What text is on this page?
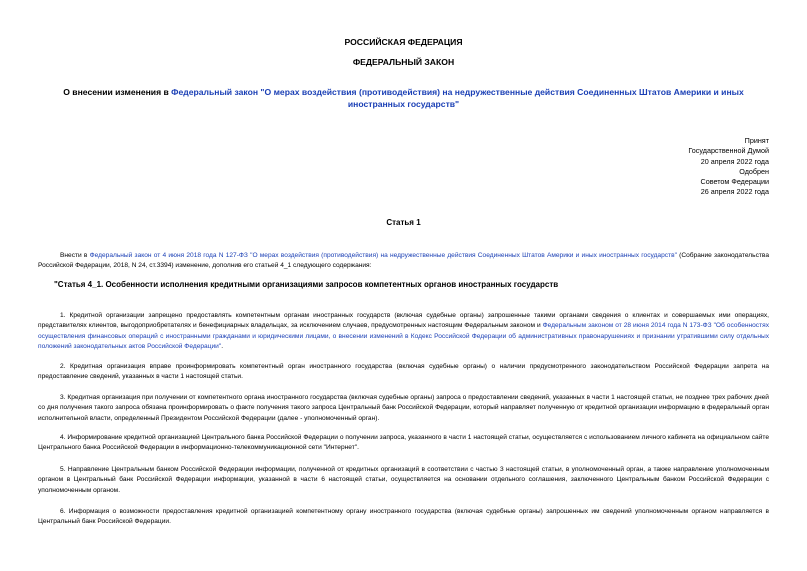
РОССИЙСКАЯ ФЕДЕРАЦИЯ
ФЕДЕРАЛЬНЫЙ ЗАКОН
О внесении изменения в Федеральный закон "О мерах воздействия (противодействия) на недружественные действия Соединенных Штатов Америки и иных иностранных государств"
Принят
Государственной Думой
20 апреля 2022 года
Одобрен
Советом Федерации
26 апреля 2022 года
Статья 1
Внести в Федеральный закон от 4 июня 2018 года N 127-ФЗ "О мерах воздействия (противодействия) на недружественные действия Соединенных Штатов Америки и иных иностранных государств" (Собрание законодательства Российской Федерации, 2018, N 24, ст.3394) изменение, дополнив его статьей 4_1 следующего содержания:
"Статья 4_1. Особенности исполнения кредитными организациями запросов компетентных органов иностранных государств
1. Кредитной организации запрещено предоставлять компетентным органам иностранных государств (включая судебные органы) запрошенные такими органами сведения о клиентах и совершаемых ими операциях, представителях клиентов, выгодоприобретателях и бенефициарных владельцах, за исключением случаев, предусмотренных настоящим Федеральным законом и Федеральным законом от 28 июня 2014 года N 173-ФЗ "Об особенностях осуществления финансовых операций с иностранными гражданами и юридическими лицами, о внесении изменений в Кодекс Российской Федерации об административных правонарушениях и признании утратившими силу отдельных положений законодательных актов Российской Федерации".
2. Кредитная организация вправе проинформировать компетентный орган иностранного государства (включая судебные органы) о наличии предусмотренного законодательством Российской Федерации запрета на предоставление сведений, указанных в части 1 настоящей статьи.
3. Кредитная организация при получении от компетентного органа иностранного государства (включая судебные органы) запроса о предоставлении сведений, указанных в части 1 настоящей статьи, не позднее трех рабочих дней со дня получения такого запроса обязана проинформировать о факте получения такого запроса Центральный банк Российской Федерации, который направляет полученную от кредитной организации информацию в федеральный орган исполнительной власти, определенный Президентом Российской Федерации (далее - уполномоченный орган).
4. Информирование кредитной организацией Центрального банка Российской Федерации о получении запроса, указанного в части 1 настоящей статьи, осуществляется с использованием личного кабинета на официальном сайте Центрального банка Российской Федерации в информационно-телекоммуникационной сети "Интернет".
5. Направление Центральным банком Российской Федерации информации, полученной от кредитных организаций в соответствии с частью 3 настоящей статьи, в уполномоченный орган, а также направление уполномоченным органом в Центральный банк Российской Федерации информации, указанной в части 6 настоящей статьи, осуществляется на основании отдельного соглашения, заключенного Центральным банком Российской Федерации с уполномоченным органом.
6. Информация о возможности предоставления кредитной организацией компетентному органу иностранного государства (включая судебные органы) запрошенных им сведений уполномоченным органом направляется в Центральный банк Российской Федерации.
